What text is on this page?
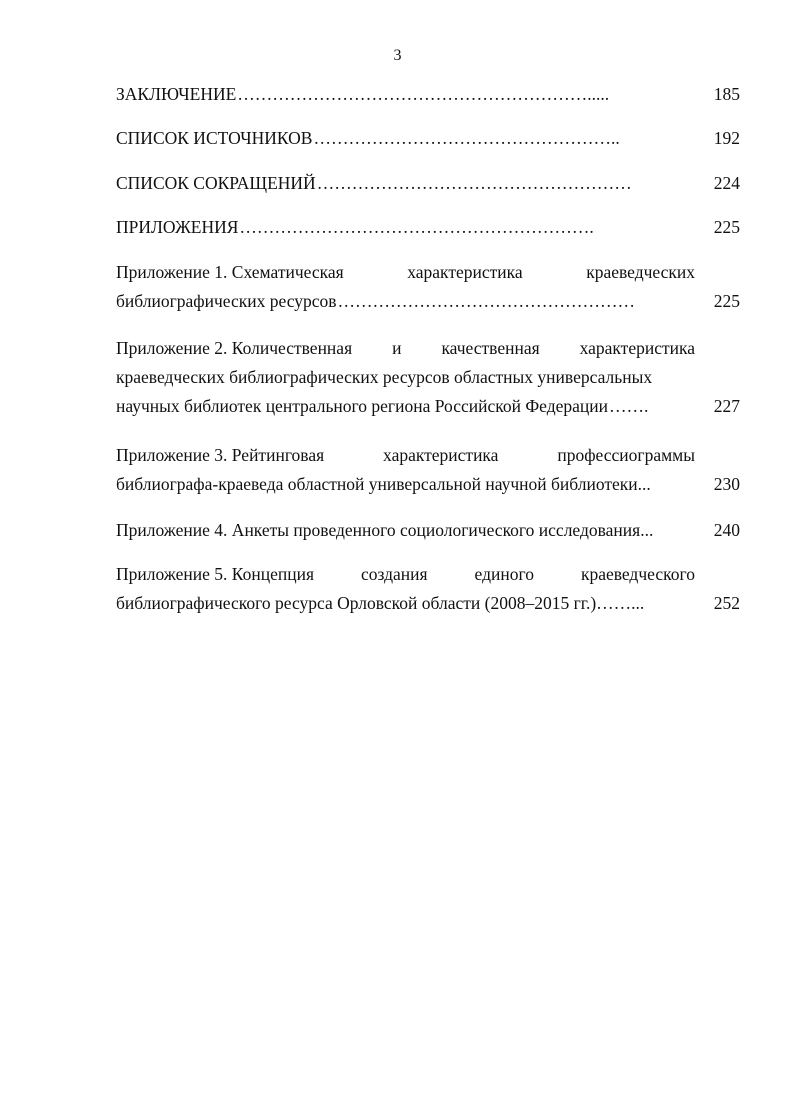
3
ЗАКЛЮЧЕНИЕ …………………………………………………….....	185
СПИСОК ИСТОЧНИКОВ ……………………………………………..	192
СПИСОК СОКРАЩЕНИЙ ………………………………………………	224
ПРИЛОЖЕНИЯ …………………………………………………….	225
Приложение 1. Схематическая	характеристика	краеведческих
библиографических ресурсов ……………………………………………	225
Приложение 2. Количественная и качественная характеристика
краеведческих библиографических ресурсов областных универсальных
научных библиотек центрального региона Российской Федерации …….	227
Приложение 3. Рейтинговая	характеристика	профессиограммы
библиографа-краеведа областной универсальной научной библиотеки...	230
Приложение 4. Анкеты проведенного социологического исследования...	240
Приложение 5. Концепция	создания	единого	краеведческого
библиографического ресурса Орловской области (2008–2015 гг.)……...	252
